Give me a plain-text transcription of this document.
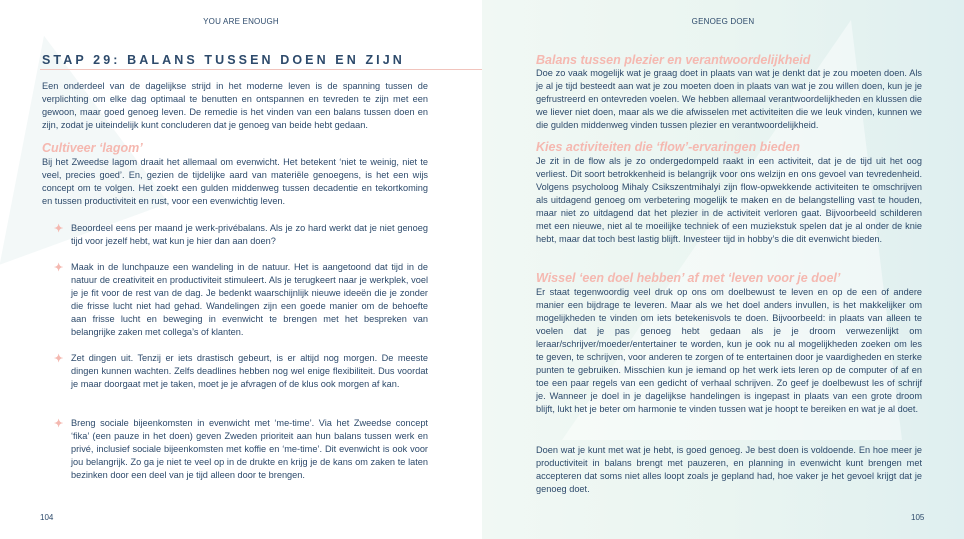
YOU ARE ENOUGH
STAP 29: BALANS TUSSEN DOEN EN ZIJN

Een onderdeel van de dagelijkse strijd in het moderne leven is de spanning tussen de verplichting om elke dag optimaal te benutten en ontspannen en tevreden te zijn met een gewoon, maar goed genoeg leven. De remedie is het vinden van een balans tussen doen en zijn, zodat je uiteindelijk kunt concluderen dat je genoeg van beide hebt gedaan.

Cultiveer ‘lagom’

Bij het Zweedse lagom draait het allemaal om evenwicht. Het betekent ‘niet te weinig, niet te veel, precies goed’. En, gezien de tijdelijke aard van materiële genoegens, is het een wijs concept om te volgen. Het zoekt een gulden middenweg tussen decadentie en tekortkoming en tussen productiviteit en rust, voor een evenwichtig leven.

✦ Beoordeel eens per maand je werk-privébalans. Als je zo hard werkt dat je niet genoeg tijd voor jezelf hebt, wat kun je hier dan aan doen?

✦ Maak in de lunchpauze een wandeling in de natuur. Het is aangetoond dat tijd in de natuur de creativiteit en productiviteit stimuleert. Als je terugkeert naar je werkplek, voel je je fit voor de rest van de dag. Je bedenkt waarschijnlijk nieuwe ideeën die je zonder die frisse lucht niet had gehad. Wandelingen zijn een goede manier om de behoefte aan frisse lucht en beweging in evenwicht te brengen met het bespreken van belangrijke zaken met collega’s of klanten.

✦ Zet dingen uit. Tenzij er iets drastisch gebeurt, is er altijd nog morgen. De meeste dingen kunnen wachten. Zelfs deadlines hebben nog wel enige flexibiliteit. Dus voordat je maar doorgaat met je taken, moet je je afvragen of de klus ook morgen af kan.

✦ Breng sociale bijeenkomsten in evenwicht met ‘me-time’. Via het Zweedse concept ‘fika’ (een pauze in het doen) geven Zweden prioriteit aan hun balans tussen werk en privé, inclusief sociale bijeenkomsten met koffie en ‘me-time’. Dit evenwicht is ook voor jou belangrijk. Zo ga je niet te veel op in de drukte en krijg je de kans om zaken te laten bezinken door een deel van je tijd alleen door te brengen.

104
GENOEG DOEN
Balans tussen plezier en verantwoordelijkheid

Doe zo vaak mogelijk wat je graag doet in plaats van wat je denkt dat je zou moeten doen. Als je al je tijd besteedt aan wat je zou moeten doen in plaats van wat je zou willen doen, kun je je gefrustreerd en ontevreden voelen. We hebben allemaal verantwoordelijkheden en klussen die we liever niet doen, maar als we die afwisselen met activiteiten die we leuk vinden, kunnen we die gulden middenweg vinden tussen plezier en verantwoordelijkheid.

Kies activiteiten die ‘flow’-ervaringen bieden

Je zit in de flow als je zo ondergedompeld raakt in een activiteit, dat je de tijd uit het oog verliest. Dit soort betrokkenheid is belangrijk voor ons welzijn en ons gevoel van tevredenheid. Volgens psycholoog Mihaly Csikszentmihalyi zijn flow-opwekkende activiteiten te omschrijven als uitdagend genoeg om verbetering mogelijk te maken en de belangstelling vast te houden, maar niet zo uitdagend dat het plezier in de activiteit verloren gaat. Bijvoorbeeld schilderen met een nieuwe, niet al te moeilijke techniek of een muziekstuk spelen dat je al onder de knie hebt, maar dat toch best lastig blijft. Investeer tijd in hobby’s die dit evenwicht bieden.

Wissel ‘een doel hebben’ af met ‘leven voor je doel’

Er staat tegenwoordig veel druk op ons om doelbewust te leven en op de een of andere manier een bijdrage te leveren. Maar als we het doel anders invullen, is het makkelijker om mogelijkheden te vinden om iets betekenisvols te doen. Bijvoorbeeld: in plaats van alleen te voelen dat je pas genoeg hebt gedaan als je je droom verwezenlijkt om leraar/schrijver/moeder/entertainer te worden, kun je ook nu al mogelijkheden zoeken om les te geven, te schrijven, voor anderen te zorgen of te entertainen door je vaardigheden en sterke punten te gebruiken. Misschien kun je iemand op het werk iets leren op de computer of af en toe een paar regels van een gedicht of verhaal schrijven. Zo geef je doelbewust les of schrijf je. Wanneer je doel in je dagelijkse handelingen is ingepast in plaats van een grote droom blijft, lukt het je beter om harmonie te vinden tussen wat je hoopt te bereiken en wat je al doet.

Doen wat je kunt met wat je hebt, is goed genoeg. Je best doen is voldoende. En hoe meer je productiviteit in balans brengt met pauzeren, en planning in evenwicht kunt brengen met accepteren dat soms niet alles loopt zoals je gepland had, hoe vaker je het gevoel krijgt dat je genoeg doet.

105
